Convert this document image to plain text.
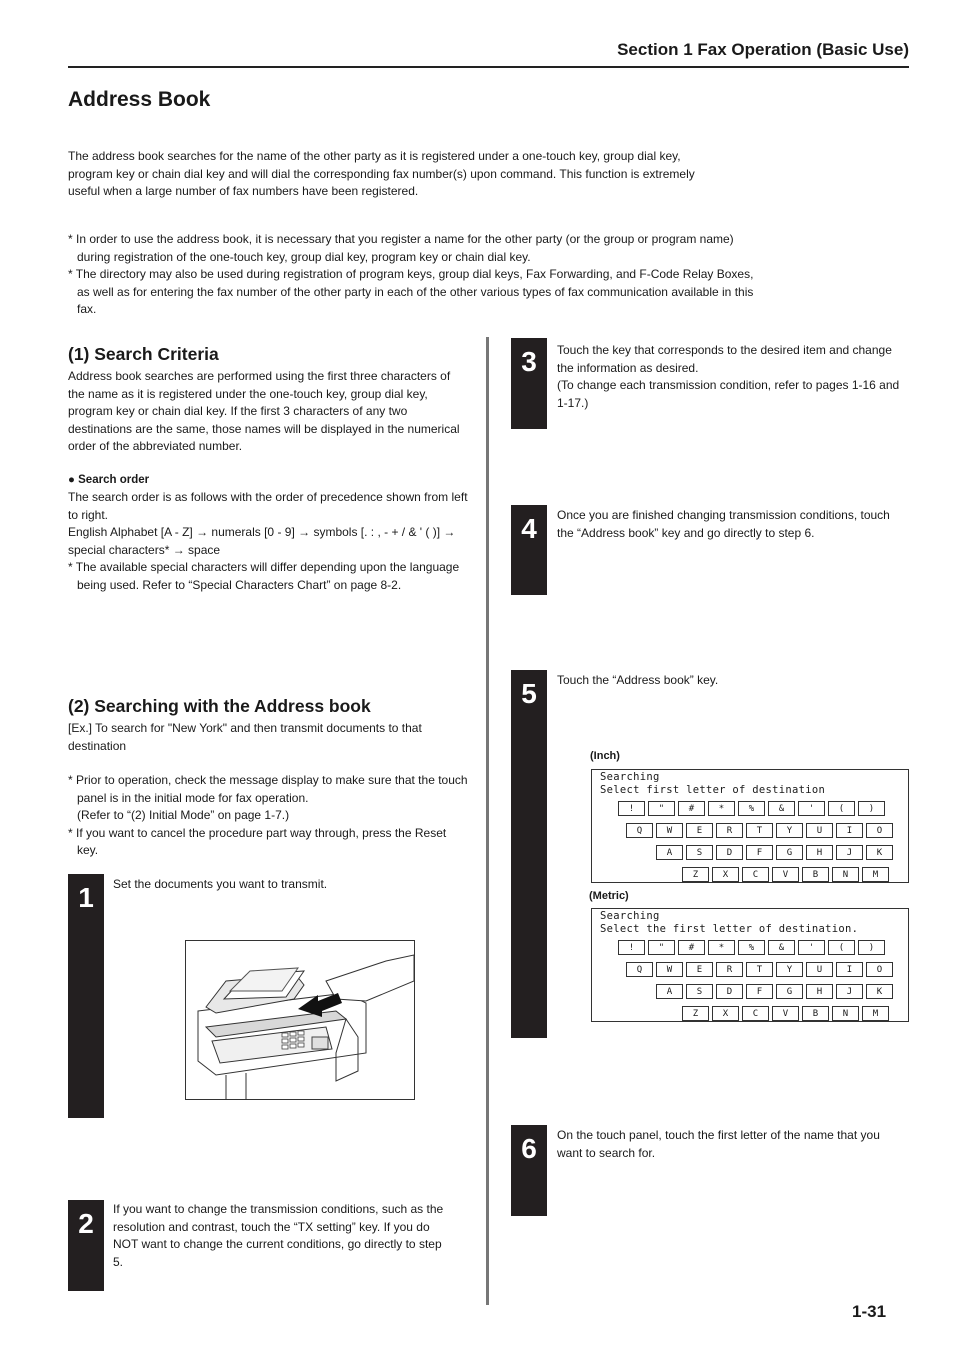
Section 1 Fax Operation (Basic Use)
Address Book
The address book searches for the name of the other party as it is registered under a one-touch key, group dial key,
program key or chain dial key and will dial the corresponding fax number(s) upon command. This function is extremely
useful when a large number of fax numbers have been registered.
* In order to use the address book, it is necessary that you register a name for the other party (or the group or program name) during registration of the one-touch key, group dial key, program key or chain dial key.
* The directory may also be used during registration of program keys, group dial keys, Fax Forwarding, and F-Code Relay Boxes, as well as for entering the fax number of the other party in each of the other various types of fax communication available in this fax.
(1) Search Criteria
Address book searches are performed using the first three characters of the name as it is registered under the one-touch key, group dial key, program key or chain dial key. If the first 3 characters of any two destinations are the same, those names will be displayed in the numerical order of the abbreviated number.
● Search order
The search order is as follows with the order of precedence shown from left to right.
English Alphabet [A - Z] → numerals [0 - 9] → symbols [. : , - + / & ' ( )] → special characters* → space
* The available special characters will differ depending upon the language being used. Refer to “Special Characters Chart” on page 8-2.
(2) Searching with the Address book
[Ex.] To search for "New York" and then transmit documents to that destination
* Prior to operation, check the message display to make sure that the touch panel is in the initial mode for fax operation.
(Refer to “(2) Initial Mode” on page 1-7.)
* If you want to cancel the procedure part way through, press the Reset key.
1	Set the documents you want to transmit.
2	If you want to change the transmission conditions, such as the resolution and contrast, touch the “TX setting” key. If you do NOT want to change the current conditions, go directly to step 5.
3	Touch the key that corresponds to the desired item and change the information as desired.
(To change each transmission condition, refer to pages 1-16 and 1-17.)
4	Once you are finished changing transmission conditions, touch the “Address book” key and go directly to step 6.
5	Touch the “Address book” key.
(Inch)
Searching
Select first letter of destination
!	"	#	*	%	&	'	(	)
Q	W	E	R	T	Y	U	I	O
A	S	D	F	G	H	J	K
Z	X	C	V	B	N	M
(Metric)
Searching
Select the first letter of destination.
!	"	#	*	%	&	'	(	)
Q	W	E	R	T	Y	U	I	O
A	S	D	F	G	H	J	K
Z	X	C	V	B	N	M
6	On the touch panel, touch the first letter of the name that you want to search for.
1-31
